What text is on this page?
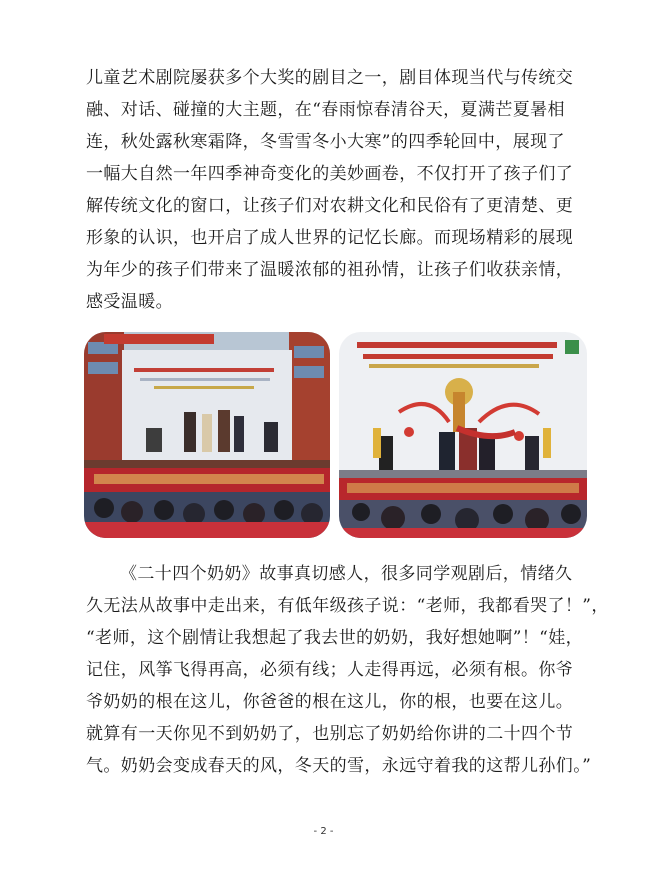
儿童艺术剧院屡获多个大奖的剧目之一，剧目体现当代与传统交
融、对话、碰撞的大主题，在“春雨惊春清谷天，夏满芒夏暑相
连，秋处露秋寒霜降，冬雪雪冬小大寒”的四季轮回中，展现了
一幅大自然一年四季神奇变化的美妙画卷，不仅打开了孩子们了
解传统文化的窗口，让孩子们对农耕文化和民俗有了更清楚、更
形象的认识，也开启了成人世界的记忆长廊。而现场精彩的展现
为年少的孩子们带来了温暖浓郁的祖孙情，让孩子们收获亲情，
感受温暖。
《二十四个奶奶》故事真切感人，很多同学观剧后，情绪久
久无法从故事中走出来，有低年级孩子说：“老师，我都看哭了！”，
“老师，这个剧情让我想起了我去世的奶奶，我好想她啊”！“娃，
记住，风筝飞得再高，必须有线；人走得再远，必须有根。你爷
爷奶奶的根在这儿，你爸爸的根在这儿，你的根，也要在这儿。
就算有一天你见不到奶奶了，也别忘了奶奶给你讲的二十四个节
气。奶奶会变成春天的风，冬天的雪，永远守着我的这帮儿孙们。”
- 2 -
